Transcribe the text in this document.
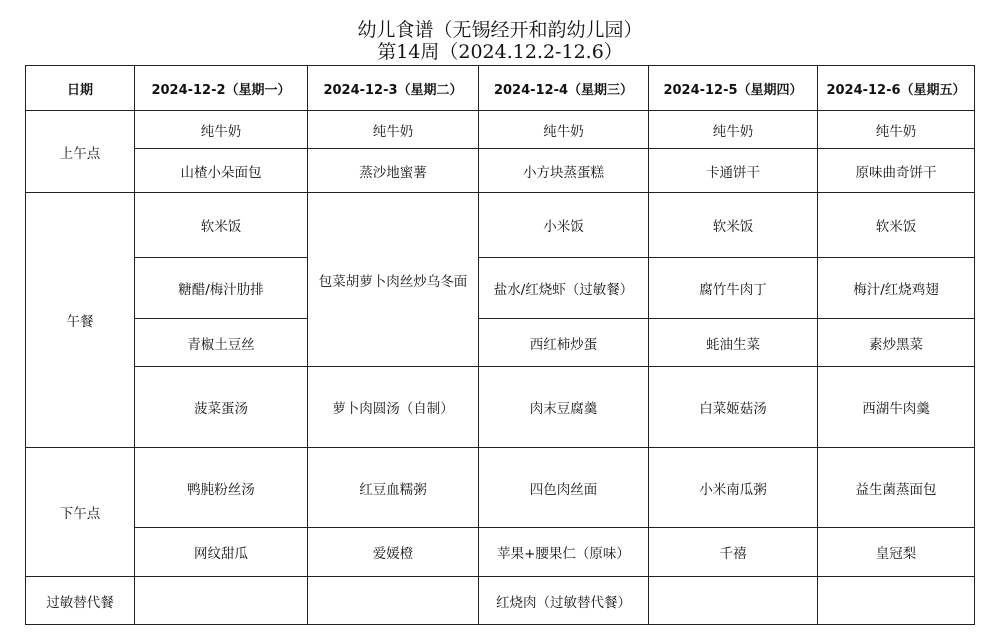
幼儿食谱（无锡经开和韵幼儿园）
第14周（2024.12.2-12.6）
日期	2024-12-2（星期一）	2024-12-3（星期二）	2024-12-4（星期三）	2024-12-5（星期四）	2024-12-6（星期五）
上午点	纯牛奶	纯牛奶	纯牛奶	纯牛奶	纯牛奶
	山楂小朵面包	蒸沙地蜜薯	小方块蒸蛋糕	卡通饼干	原味曲奇饼干
午餐	软米饭	包菜胡萝卜肉丝炒乌冬面	小米饭	软米饭	软米饭
	糖醋/梅汁肋排		盐水/红烧虾（过敏餐）	腐竹牛肉丁	梅汁/红烧鸡翅
	青椒土豆丝		西红柿炒蛋	蚝油生菜	素炒黑菜
	菠菜蛋汤	萝卜肉圆汤（自制）	肉末豆腐羹	白菜姬菇汤	西湖牛肉羹
下午点	鸭肫粉丝汤	红豆血糯粥	四色肉丝面	小米南瓜粥	益生菌蒸面包
	网纹甜瓜	爱媛橙	苹果+腰果仁（原味）	千禧	皇冠梨
过敏替代餐			红烧肉（过敏替代餐）		
